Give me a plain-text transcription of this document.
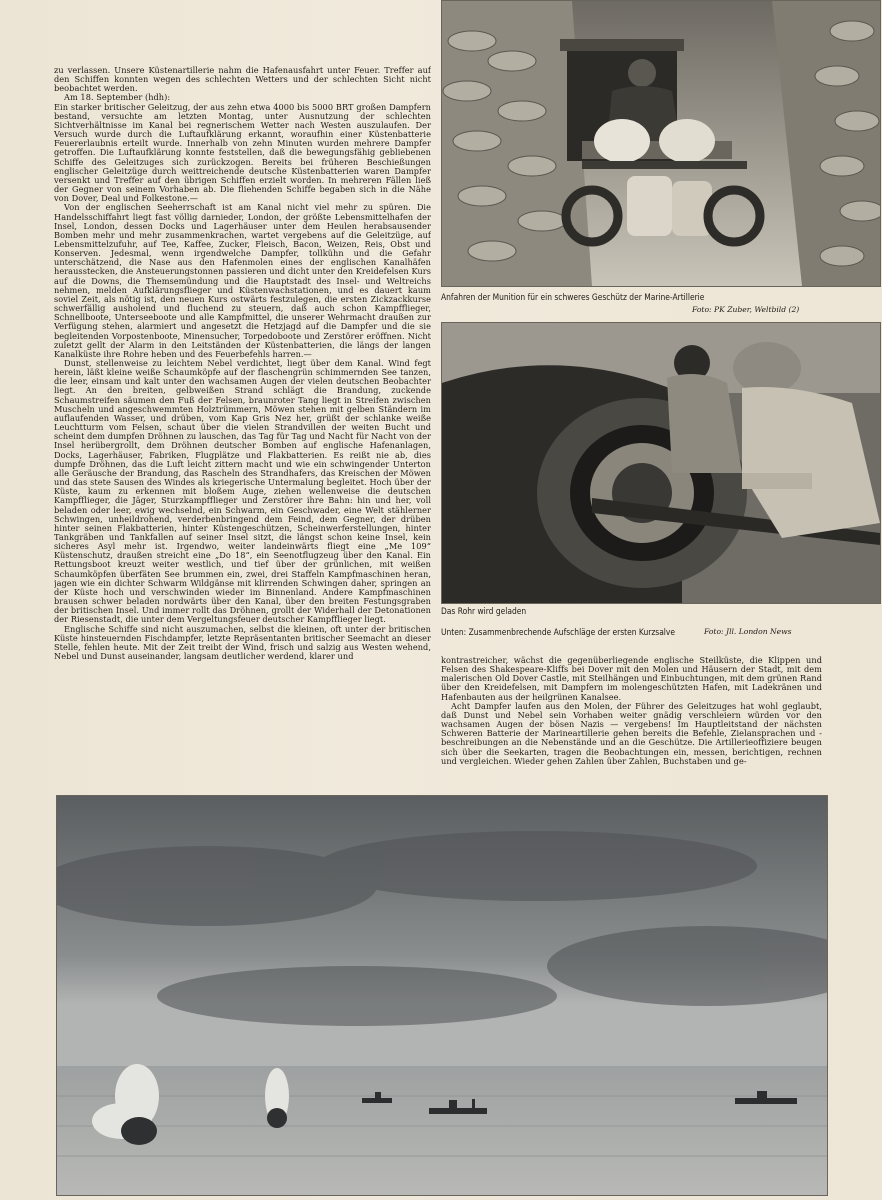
zu verlassen. Unsere Küstenartillerie nahm die Hafenausfahrt unter Feuer. Treffer auf den Schiffen konnten wegen des schlechten Wetters und der schlechten Sicht nicht beobachtet werden.

Am 18. September (hdh):

Ein starker britischer Geleitzug, der aus zehn etwa 4000 bis 5000 BRT großen Dampfern bestand, versuchte am letzten Montag, unter Ausnutzung der schlechten Sichtverhältnisse im Kanal bei regnerischem Wetter nach Westen auszulaufen. Der Versuch wurde durch die Luftaufklärung erkannt, woraufhin einer Küstenbatterie Feuererlaubnis erteilt wurde. Innerhalb von zehn Minuten wurden mehrere Dampfer getroffen. Die Luftaufklärung konnte feststellen, daß die bewegungsfähig gebliebenen Schiffe des Geleitzuges sich zurückzogen. Bereits bei früheren Beschießungen englischer Geleitzüge durch weittreichende deutsche Küstenbatterien waren Dampfer versenkt und Treffer auf den übrigen Schiffen erzielt worden. In mehreren Fällen ließ der Gegner von seinem Vorhaben ab. Die fliehenden Schiffe begaben sich in die Nähe von Dover, Deal und Folkestone.—

Von der englischen Seeherrschaft ist am Kanal nicht viel mehr zu spüren. Die Handelsschiffahrt liegt fast völlig darnieder, London, der größte Lebensmittelhafen der Insel, London, dessen Docks und Lagerhäuser unter dem Heulen herabsausender Bomben mehr und mehr zusammenkrachen, wartet vergebens auf die Geleitzüge, auf Lebensmittelzufuhr, auf Tee, Kaffee, Zucker, Fleisch, Bacon, Weizen, Reis, Obst und Konserven. Jedesmal, wenn irgendwelche Dampfer, tollkühn und die Gefahr unterschätzend, die Nase aus den Hafenmolen eines der englischen Kanalhäfen herausstecken, die Ansteuerungstonnen passieren und dicht unter den Kreidefelsen Kurs auf die Downs, die Themsemündung und die Hauptstadt des Insel- und Weltreichs nehmen, melden Aufklärungsflieger und Küstenwachstationen, und es dauert kaum soviel Zeit, als nötig ist, den neuen Kurs ostwärts festzulegen, die ersten Zickzackkurse schwerfällig ausholend und fluchend zu steuern, daß auch schon Kampfflieger, Schnellboote, Unterseeboote und alle Kampfmittel, die unserer Wehrmacht draußen zur Verfügung stehen, alarmiert und angesetzt die Hetzjagd auf die Dampfer und die sie begleitenden Vorpostenboote, Minensucher, Torpedoboote und Zerstörer eröffnen. Nicht zuletzt gellt der Alarm in den Leitständen der Küstenbatterien, die längs der langen Kanalküste ihre Rohre heben und des Feuerbefehls harren.—

Dunst, stellenweise zu leichtem Nebel verdichtet, liegt über dem Kanal. Wind fegt herein, läßt kleine weiße Schaumköpfe auf der flaschengrün schimmernden See tanzen, die leer, einsam und kalt unter den wachsamen Augen der vielen deutschen Beobachter liegt. An den breiten, gelbweißen Strand schlägt die Brandung, zuckende Schaumstreifen säumen den Fuß der Felsen, braunroter Tang liegt in Streifen zwischen Muscheln und angeschwemmten Holztrümmern, Möwen stehen mit gelben Ständern im auflaufenden Wasser, und drüben, vom Kap Gris Nez her, grüßt der schlanke weiße Leuchtturm vom Felsen, schaut über die vielen Strandvillen der weiten Bucht und scheint dem dumpfen Dröhnen zu lauschen, das Tag für Tag und Nacht für Nacht von der Insel herübergrollt, dem Dröhnen deutscher Bomben auf englische Hafenanlagen, Docks, Lagerhäuser, Fabriken, Flugplätze und Flakbatterien. Es reißt nie ab, dies dumpfe Dröhnen, das die Luft leicht zittern macht und wie ein schwingender Unterton alle Geräusche der Brandung, das Rascheln des Strandhafers, das Kreischen der Möwen und das stete Sausen des Windes als kriegerische Untermalung begleitet. Hoch über der Küste, kaum zu erkennen mit bloßem Auge, ziehen wellenweise die deutschen Kampfflieger, die Jäger, Sturzkampfflieger und Zerstörer ihre Bahn: hin und her, voll beladen oder leer, ewig wechselnd, ein Schwarm, ein Geschwader, eine Welt stählerner Schwingen, unheildrohend, verderbenbringend dem Feind, dem Gegner, der drüben hinter seinen Flakbatterien, hinter Küstengeschützen, Scheinwerferstellungen, hinter Tankgräben und Tankfallen auf seiner Insel sitzt, die längst schon keine Insel, kein sicheres Asyl mehr ist. Irgendwo, weiter landeinwärts fliegt eine „Me 109“ Küstenschutz, draußen streicht eine „Do 18“, ein Seenotflugzeug über den Kanal. Ein Rettungsboot kreuzt weiter westlich, und tief über der grünlichen, mit weißen Schaumköpfen überfäten See brummen ein, zwei, drei Staffeln Kampfmaschinen heran, jagen wie ein dichter Schwarm Wildgänse mit klirrenden Schwingen daher, springen an der Küste hoch und verschwinden wieder im Binnenland. Andere Kampfmaschinen brausen schwer beladen nordwärts über den Kanal, über den breiten Festungsgraben der britischen Insel. Und immer rollt das Dröhnen, grollt der Widerhall der Detonationen der Riesenstadt, die unter dem Vergeltungsfeuer deutscher Kampfflieger liegt.

Englische Schiffe sind nicht auszumachen, selbst die kleinen, oft unter der britischen Küste hinsteuernden Fischdampfer, letzte Repräsentanten britischer Seemacht an dieser Stelle, fehlen heute. Mit der Zeit treibt der Wind, frisch und salzig aus Westen wehend, Nebel und Dunst auseinander, langsam deutlicher werdend, klarer und

Anfahren der Munition für ein schweres Geschütz der Marine-Artillerie
Foto: PK Zuber, Weltbild (2)
Das Rohr wird geladen
Unten: Zusammenbrechende Aufschläge der ersten Kurzsalve	Foto: Jll. London News

kontrastreicher, wächst die gegenüberliegende englische Steilküste, die Klippen und Felsen des Shakespeare-Kliffs bei Dover mit den Molen und Häusern der Stadt, mit dem malerischen Old Dover Castle, mit Steilhängen und Einbuchtungen, mit dem grünen Rand über den Kreidefelsen, mit Dampfern im molengeschützten Hafen, mit Ladekränen und Hafenbauten aus der heilgrünen Kanalsee.

Acht Dampfer laufen aus den Molen, der Führer des Geleitzuges hat wohl geglaubt, daß Dunst und Nebel sein Vorhaben weiter gnädig verschleiern würden vor den wachsamen Augen der bösen Nazis — vergebens! Im Hauptleitstand der nächsten Schweren Batterie der Marineartillerie gehen bereits die Befehle, Zielansprachen und -beschreibungen an die Nebenstände und an die Geschütze. Die Artillerieoffiziere beugen sich über die Seekarten, tragen die Beobachtungen ein, messen, berichtigen, rechnen und vergleichen. Wieder gehen Zahlen über Zahlen, Buchstaben und ge-
